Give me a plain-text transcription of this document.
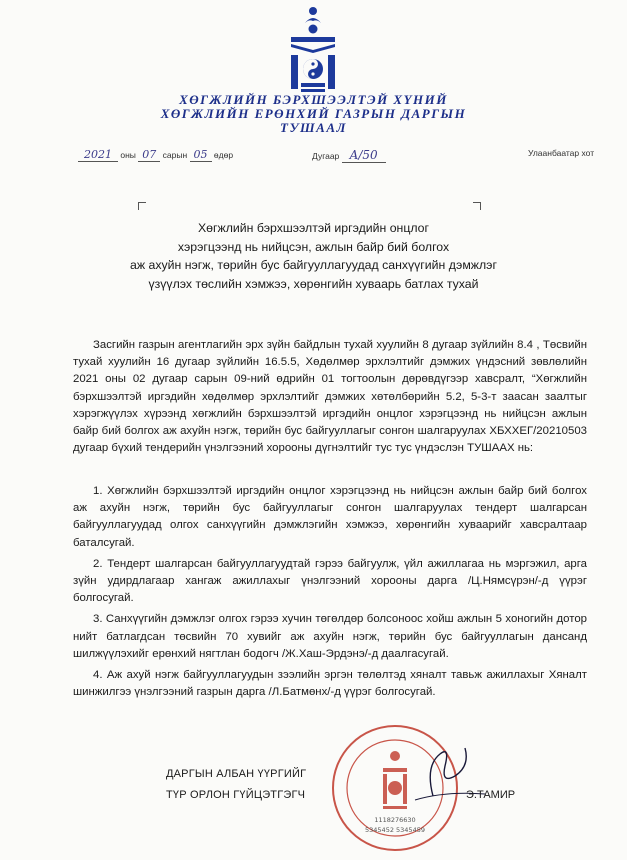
ХӨГЖЛИЙН БЭРХШЭЭЛТЭЙ ХҮНИЙ
ХӨГЖЛИЙН ЕРӨНХИЙ ГАЗРЫН ДАРГЫН
ТУШААЛ
2021 оны 07 сарын 05 өдөр	Дугаар A/50	Улаанбаатар хот
Хөгжлийн бэрхшээлтэй иргэдийн онцлог
хэрэгцээнд нь нийцсэн, ажлын байр бий болгох
аж ахуйн нэгж, төрийн бус байгууллагуудад санхүүгийн дэмжлэг
үзүүлэх төслийн хэмжээ, хөрөнгийн хуваарь батлах тухай
Засгийн газрын агентлагийн эрх зүйн байдлын тухай хуулийн 8 дугаар зүйлийн 8.4 , Төсвийн тухай хуулийн 16 дугаар зүйлийн 16.5.5, Хөдөлмөр эрхлэлтийг дэмжих үндэсний зөвлөлийн 2021 оны 02 дугаар сарын 09-ний өдрийн 01 тогтоолын дөрөвдүгээр хавсралт, “Хөгжлийн бэрхшээлтэй иргэдийн хөдөлмөр эрхлэлтийг дэмжих хөтөлбөрийн 5.2, 5-3-т заасан заалтыг хэрэгжүүлэх хүрээнд хөгжлийн бэрхшээлтэй иргэдийн онцлог хэрэгцээнд нь нийцсэн ажлын байр бий болгох аж ахуйн нэгж, төрийн бус байгууллагыг сонгон шалгаруулах ХБХХЕГ/20210503 дугаар бүхий тендерийн үнэлгээний хорооны дүгнэлтийг тус тус үндэслэн ТУШААХ нь:

1. Хөгжлийн бэрхшээлтэй иргэдийн онцлог хэрэгцээнд нь нийцсэн ажлын байр бий болгох аж ахуйн нэгж, төрийн бус байгууллагыг сонгон шалгаруулах тендерт шалгарсан байгууллагуудад олгох санхүүгийн дэмжлэгийн хэмжээ, хөрөнгийн хуваарийг хавсралтаар баталсугай.

2. Тендерт шалгарсан байгууллагуудтай гэрээ байгуулж, үйл ажиллагаа нь мэргэжил, арга зүйн удирдлагаар хангаж ажиллахыг үнэлгээний хорооны дарга /Ц.Нямсүрэн/-д үүрэг болгосугай.

3. Санхүүгийн дэмжлэг олгох гэрээ хучин төгөлдөр болсоноос хойш ажлын 5 хоногийн дотор нийт батлагдсан төсвийн 70 хувийг аж ахуйн нэгж, төрийн бус байгууллагын дансанд шилжүүлэхийг ерөнхий нягтлан бодогч /Ж.Хаш-Эрдэнэ/-д даалгасугай.

4. Аж ахуй нэгж байгууллагуудын зээлийн эргэн төлөлтэд хяналт тавьж ажиллахыг Хяналт шинжилгээ үнэлгээний газрын дарга /Л.Батмөнх/-д үүрэг болгосугай.

1118276630
5345452 5345459
ДАРГЫН АЛБАН ҮҮРГИЙГ
ТҮР ОРЛОН ГҮЙЦЭТГЭГЧ	Э.ТАМИР
